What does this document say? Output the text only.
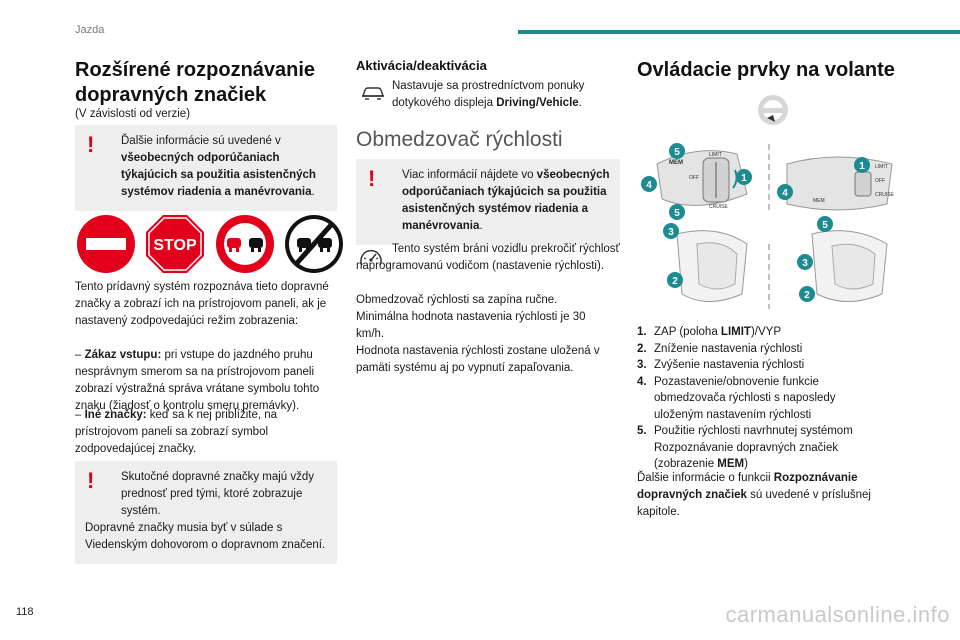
Jazda
Rozšírené rozpoznávanie dopravných značiek
(V závislosti od verzie)
!	Ďalšie informácie sú uvedené v všeobecných odporúčaniach týkajúcich sa použitia asistenčných systémov riadenia a manévrovania.
STOP
Tento prídavný systém rozpoznáva tieto dopravné značky a zobrazí ich na prístrojovom paneli, ak je nastavený zodpovedajúci režim zobrazenia:
– Zákaz vstupu: pri vstupe do jazdného pruhu nesprávnym smerom sa na prístrojovom paneli zobrazí výstražná správa vrátane symbolu tohto znaku (žiadosť o kontrolu smeru premávky).
– Iné značky: keď sa k nej priblížite, na prístrojovom paneli sa zobrazí symbol zodpovedajúcej značky.
!	Skutočné dopravné značky majú vždy prednosť pred tými, ktoré zobrazuje systém.
Dopravné značky musia byť v súlade s Viedenským dohovorom o dopravnom značení.
Aktivácia/deaktivácia
Nastavuje sa prostredníctvom ponuky dotykového displeja Driving/Vehicle.
Obmedzovač rýchlosti
!	Viac informácií nájdete vo všeobecných odporúčaniach týkajúcich sa použitia asistenčných systémov riadenia a manévrovania.
Tento systém bráni vozidlu prekročiť rýchlosť naprogramovanú vodičom (nastavenie rýchlosti).
Obmedzovač rýchlosti sa zapína ručne.
Minimálna hodnota nastavenia rýchlosti je 30 km/h.
Hodnota nastavenia rýchlosti zostane uložená v pamäti systému aj po vypnutí zapaľovania.
Ovládacie prvky na volante
MEM
LIMIT
OFF
CRUISE
LIMIT
OFF
CRUISE
MEM
1
2
3
4
5
5
1
4
5
3
2
1. ZAP (poloha LIMIT)/VYP
2. Zníženie nastavenia rýchlosti
3. Zvýšenie nastavenia rýchlosti
4. Pozastavenie/obnovenie funkcie obmedzovača rýchlosti s naposledy uloženým nastavením rýchlosti
5. Použitie rýchlosti navrhnutej systémom Rozpoznávanie dopravných značiek (zobrazenie MEM)
Ďalšie informácie o funkcii Rozpoznávanie dopravných značiek sú uvedené v príslušnej kapitole.
118	carmanualsonline.info
